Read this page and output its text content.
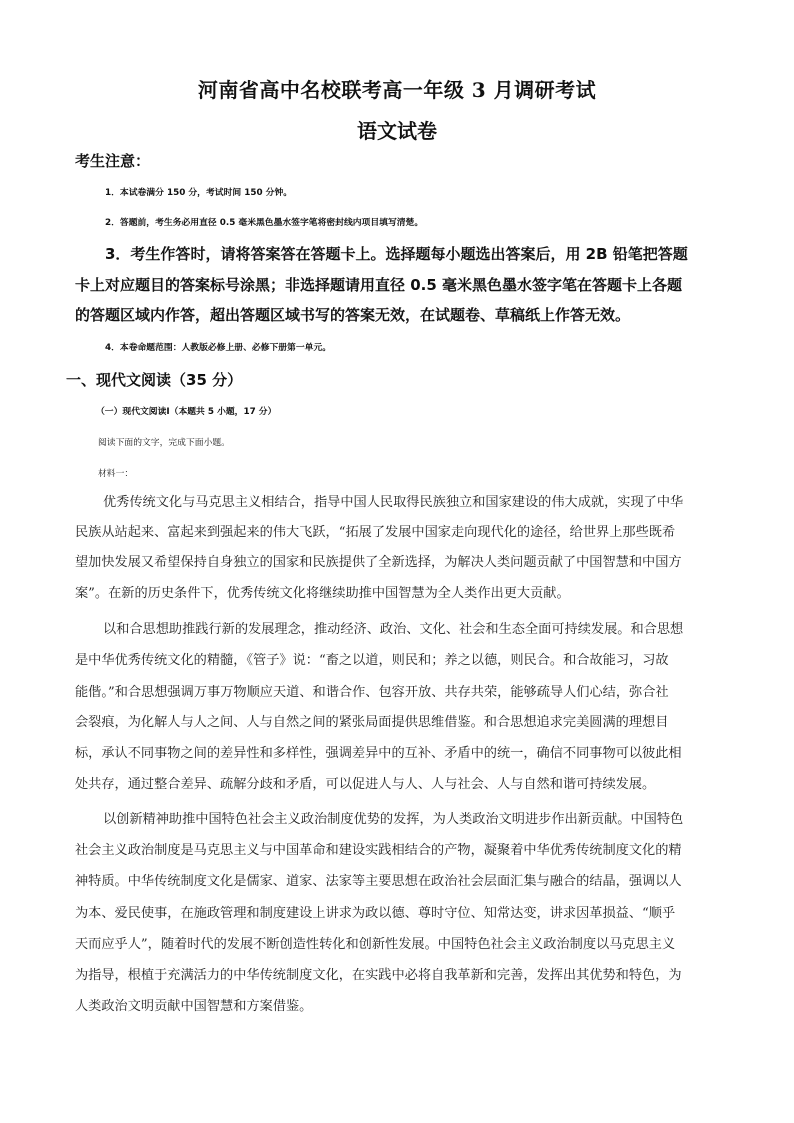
河南省高中名校联考高一年级 3 月调研考试
语文试卷
考生注意：
1．本试卷满分 150 分，考试时间 150 分钟。
2．答题前，考生务必用直径 0.5 毫米黑色墨水签字笔将密封线内项目填写清楚。
3．考生作答时，请将答案答在答题卡上。选择题每小题选出答案后，用 2B 铅笔把答题
卡上对应题目的答案标号涂黑；非选择题请用直径 0.5 毫米黑色墨水签字笔在答题卡上各题
的答题区域内作答，超出答题区域书写的答案无效，在试题卷、草稿纸上作答无效。
4．本卷命题范围：人教版必修上册、必修下册第一单元。
一、现代文阅读（35 分）
（一）现代文阅读Ⅰ（本题共 5 小题，17 分）
阅读下面的文字，完成下面小题。
材料一：
优秀传统文化与马克思主义相结合，指导中国人民取得民族独立和国家建设的伟大成就，实现了中华
民族从站起来、富起来到强起来的伟大飞跃，“拓展了发展中国家走向现代化的途径，给世界上那些既希
望加快发展又希望保持自身独立的国家和民族提供了全新选择，为解决人类问题贡献了中国智慧和中国方
案”。在新的历史条件下，优秀传统文化将继续助推中国智慧为全人类作出更大贡献。
以和合思想助推践行新的发展理念，推动经济、政治、文化、社会和生态全面可持续发展。和合思想
是中华优秀传统文化的精髓，《管子》说：“畜之以道，则民和；养之以德，则民合。和合故能习，习故
能偕。”和合思想强调万事万物顺应天道、和谐合作、包容开放、共存共荣，能够疏导人们心结，弥合社
会裂痕，为化解人与人之间、人与自然之间的紧张局面提供思维借鉴。和合思想追求完美圆满的理想目
标，承认不同事物之间的差异性和多样性，强调差异中的互补、矛盾中的统一，确信不同事物可以彼此相
处共存，通过整合差异、疏解分歧和矛盾，可以促进人与人、人与社会、人与自然和谐可持续发展。
以创新精神助推中国特色社会主义政治制度优势的发挥，为人类政治文明进步作出新贡献。中国特色
社会主义政治制度是马克思主义与中国革命和建设实践相结合的产物，凝聚着中华优秀传统制度文化的精
神特质。中华传统制度文化是儒家、道家、法家等主要思想在政治社会层面汇集与融合的结晶，强调以人
为本、爱民使事，在施政管理和制度建设上讲求为政以德、尊时守位、知常达变，讲求因革损益、“顺乎
天而应乎人”，随着时代的发展不断创造性转化和创新性发展。中国特色社会主义政治制度以马克思主义
为指导，根植于充满活力的中华传统制度文化，在实践中必将自我革新和完善，发挥出其优势和特色，为
人类政治文明贡献中国智慧和方案借鉴。
